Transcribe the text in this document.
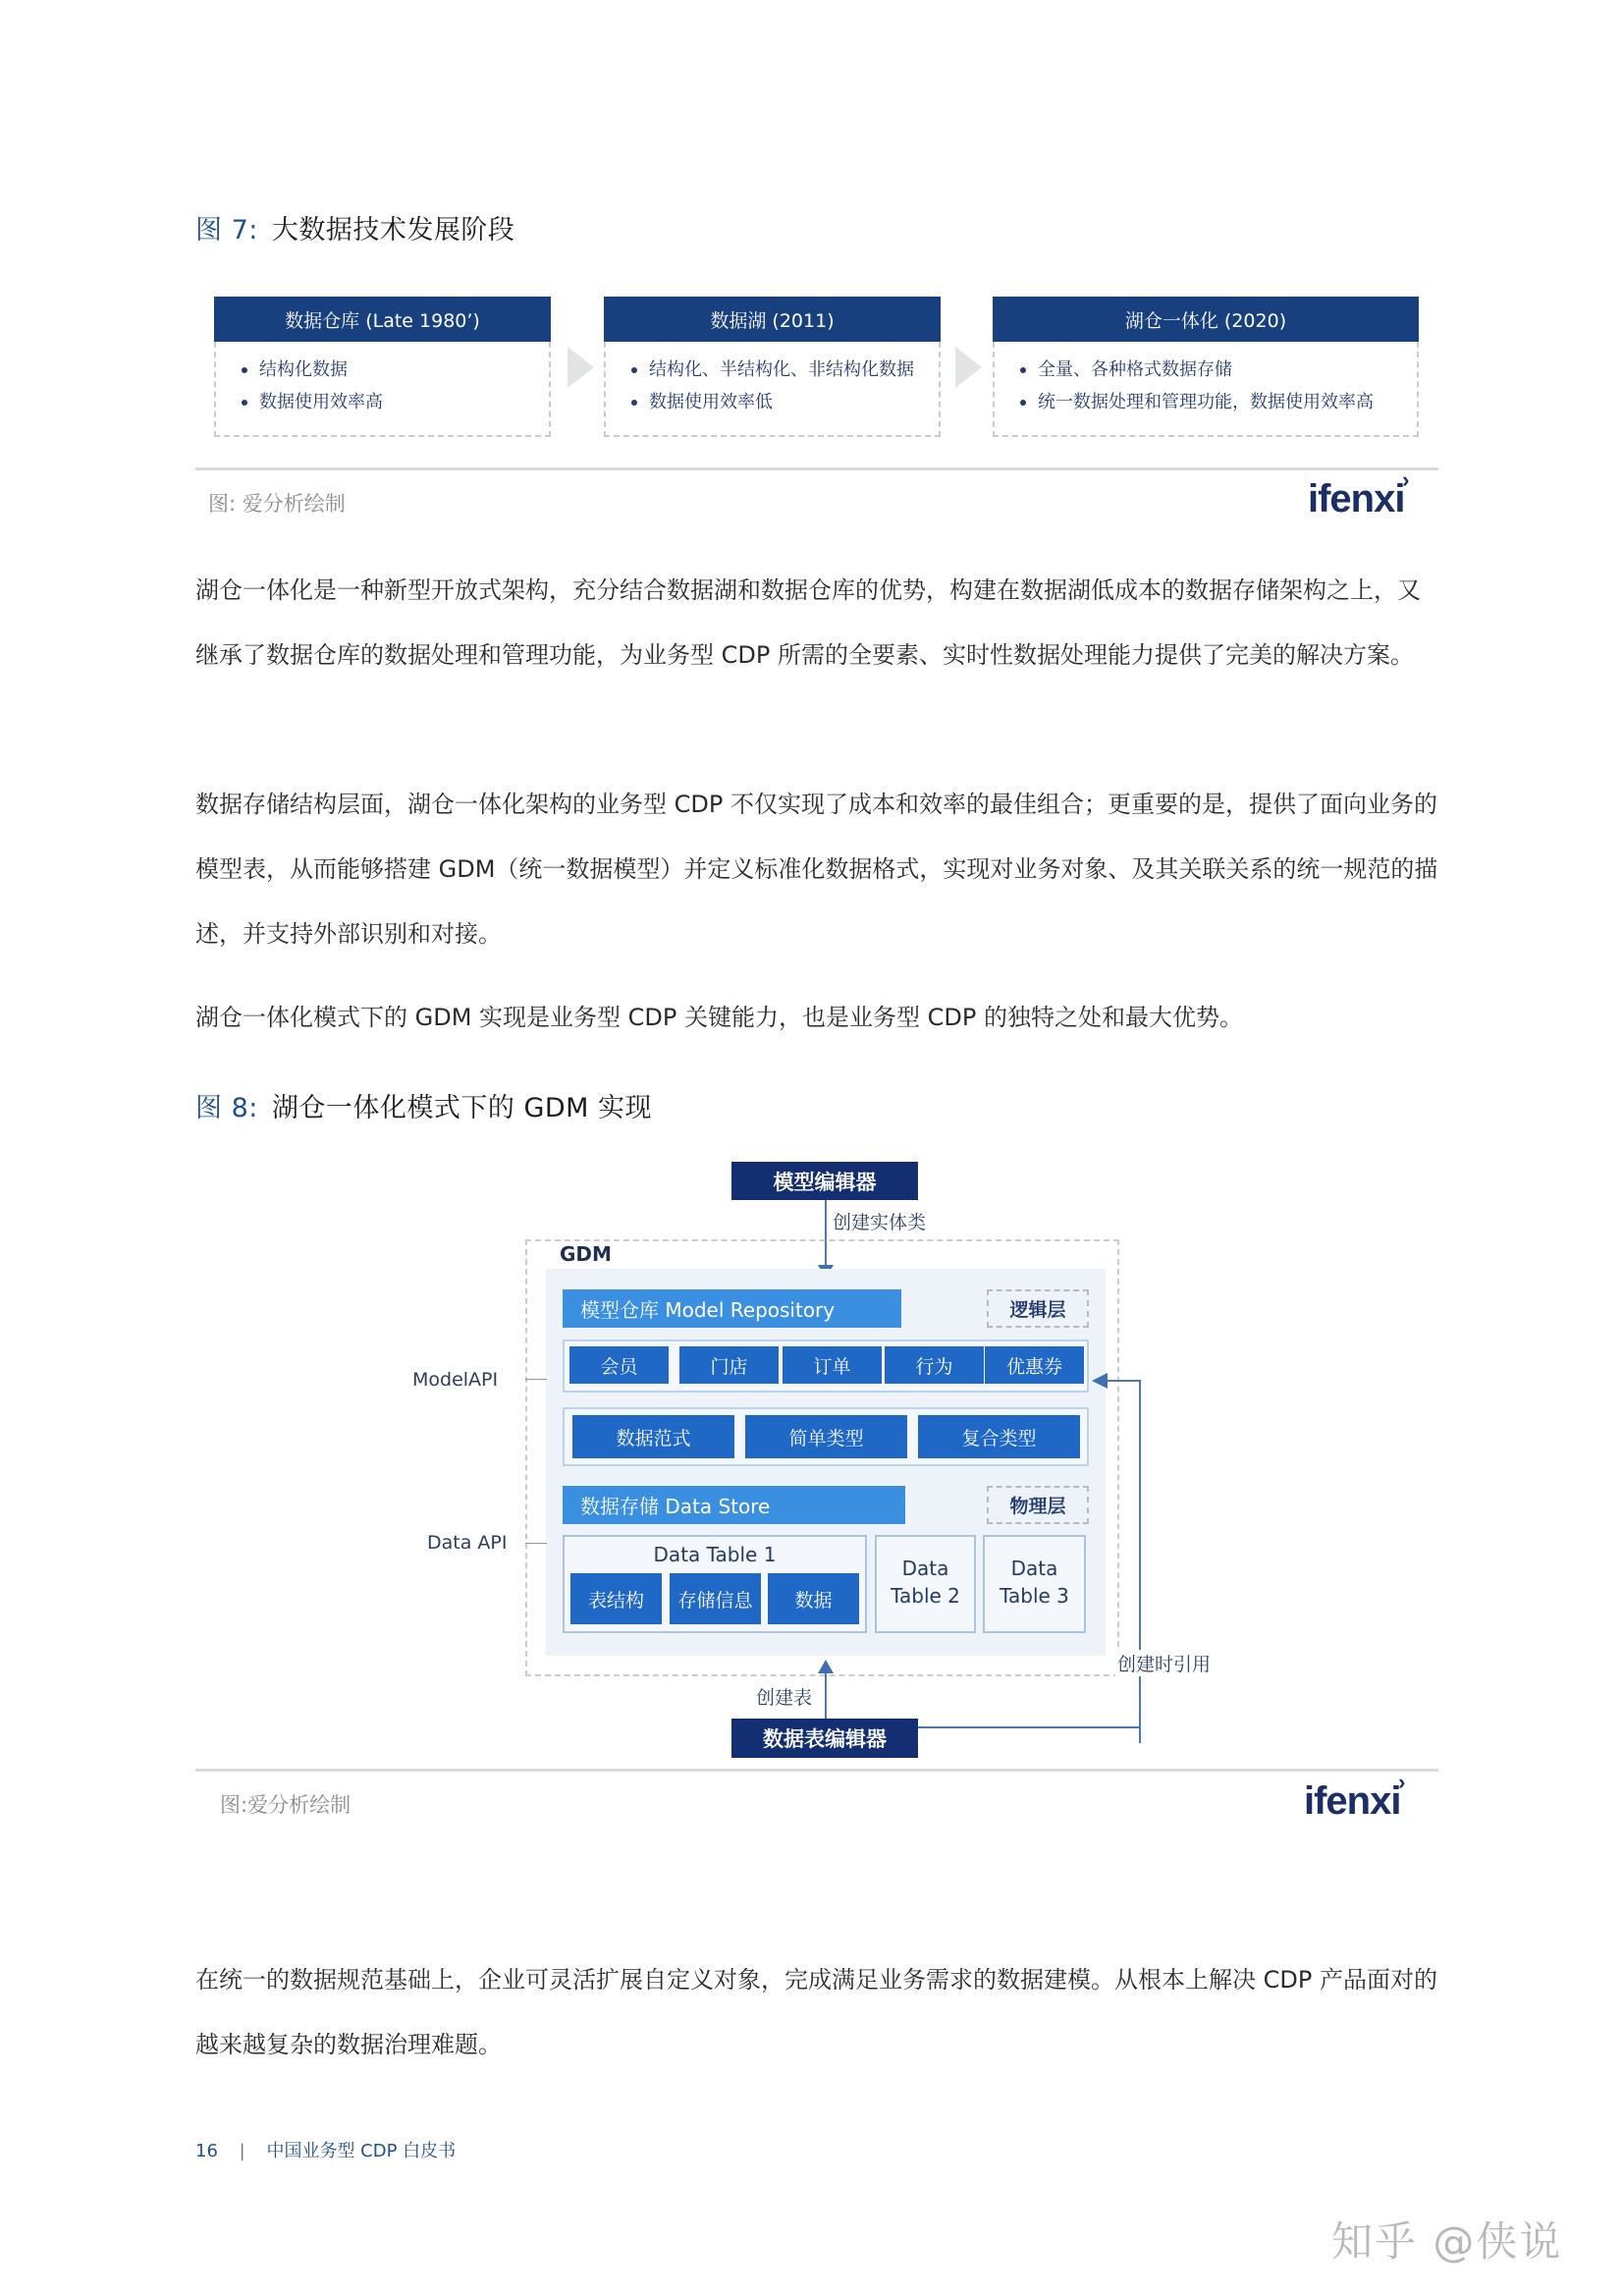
图 7: 大数据技术发展阶段
数据仓库 (Late 1980’)
结构化数据
数据使用效率高
数据湖 (2011)
结构化、半结构化、非结构化数据
数据使用效率低
湖仓一体化 (2020)
全量、各种格式数据存储
统一数据处理和管理功能，数据使用效率高
图: 爱分析绘制	ifenxi
›
湖仓一体化是一种新型开放式架构，充分结合数据湖和数据仓库的优势，构建在数据湖低成本的数据存储架构之上，又继承了数据仓库的数据处理和管理功能，为业务型 CDP 所需的全要素、实时性数据处理能力提供了完美的解决方案。
数据存储结构层面，湖仓一体化架构的业务型 CDP 不仅实现了成本和效率的最佳组合；更重要的是，提供了面向业务的模型表，从而能够搭建 GDM（统一数据模型）并定义标准化数据格式，实现对业务对象、及其关联关系的统一规范的描述，并支持外部识别和对接。
湖仓一体化模式下的 GDM 实现是业务型 CDP 关键能力，也是业务型 CDP 的独特之处和最大优势。
图 8: 湖仓一体化模式下的 GDM 实现
模型编辑器
创建实体类
GDM
模型仓库 Model Repository	逻辑层
会员	门店	订单	行为	优惠券
数据范式	简单类型	复合类型
数据存储 Data Store	物理层
Data Table 1
表结构	存储信息	数据
Data
Table 2
Data
Table 3
ModelAPI
Data API
创建时引用
创建表
数据表编辑器
图:爱分析绘制	ifenxi
›
在统一的数据规范基础上，企业可灵活扩展自定义对象，完成满足业务需求的数据建模。从根本上解决 CDP 产品面对的越来越复杂的数据治理难题。
16 | 中国业务型 CDP 白皮书
知乎 @侠说
